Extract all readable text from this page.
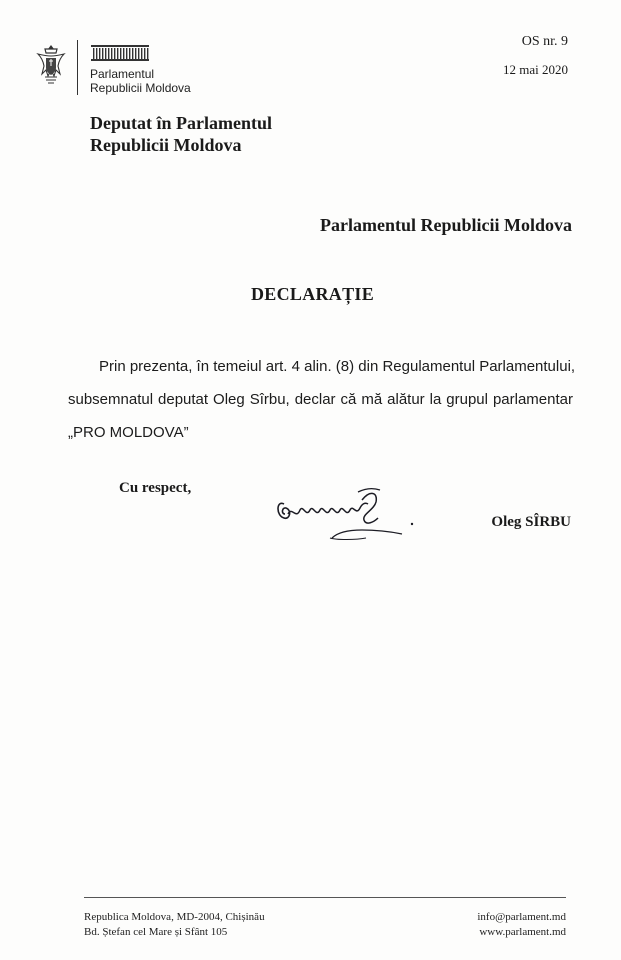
Parlamentul
Republicii Moldova
OS nr. 9
12 mai 2020
Deputat în Parlamentul
Republicii Moldova
Parlamentul Republicii Moldova
DECLARAȚIE
Prin prezenta, în temeiul art. 4 alin. (8) din Regulamentul Parlamentului,
subsemnatul deputat Oleg Sîrbu, declar că mă alătur la grupul parlamentar
„PRO MOLDOVA”
Cu respect,
Oleg SÎRBU
Republica Moldova, MD-2004, Chișinău
Bd. Ștefan cel Mare și Sfânt 105
info@parlament.md
www.parlament.md
